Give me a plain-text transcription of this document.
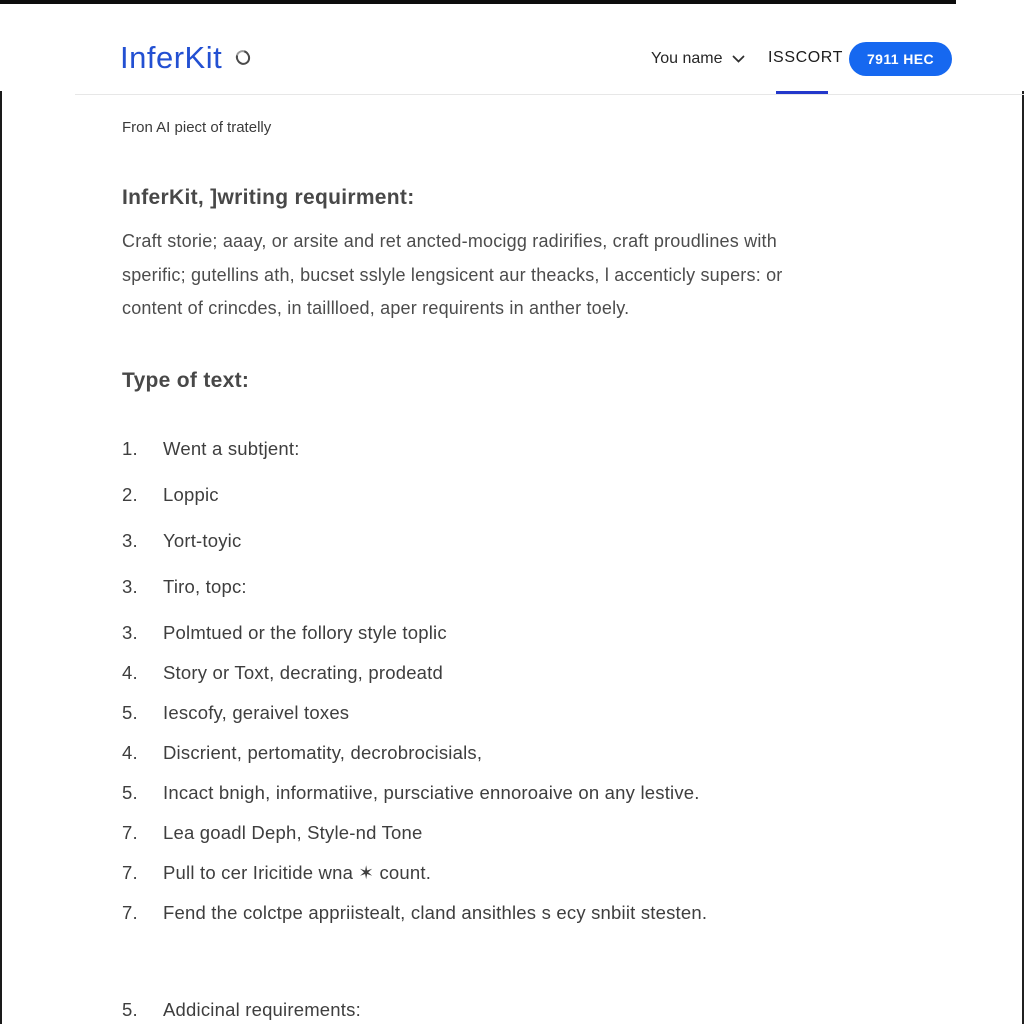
InferKit	You name	ISSCORT	7911 HEC
Fron AI piect of tratelly
InferKit, ]writing requirment:
Craft storie; aaay, or arsite and ret ancted-mocigg radirifies, craft proudlines with
sperific; gutellins ath, bucset sslyle lengsicent aur theacks, l accenticly supers: or
content of crincdes, in taillloed, aper requirents in anther toely.
Type of text:
1.	Went a subtjent:
2.	Loppic
3.	Yort-toyic
3.	Tiro, topc:
3.	Polmtued or the follory style toplic
4.	Story or Toxt, decrating, prodeatd
5.	Iescofy, geraivel toxes
4.	Discrient, pertomatity, decrobrocisials,
5.	Incact bnigh, informatiive, pursciative ennoroaive on any lestive.
7.	Lea goadl Deph, Style-nd Tone
7.	Pull to cer Iricitide wna ✶ count.
7.	Fend the colctpe appriistealt, cland ansithles s ecy snbiit stesten.
5.	Addicinal requirements:
